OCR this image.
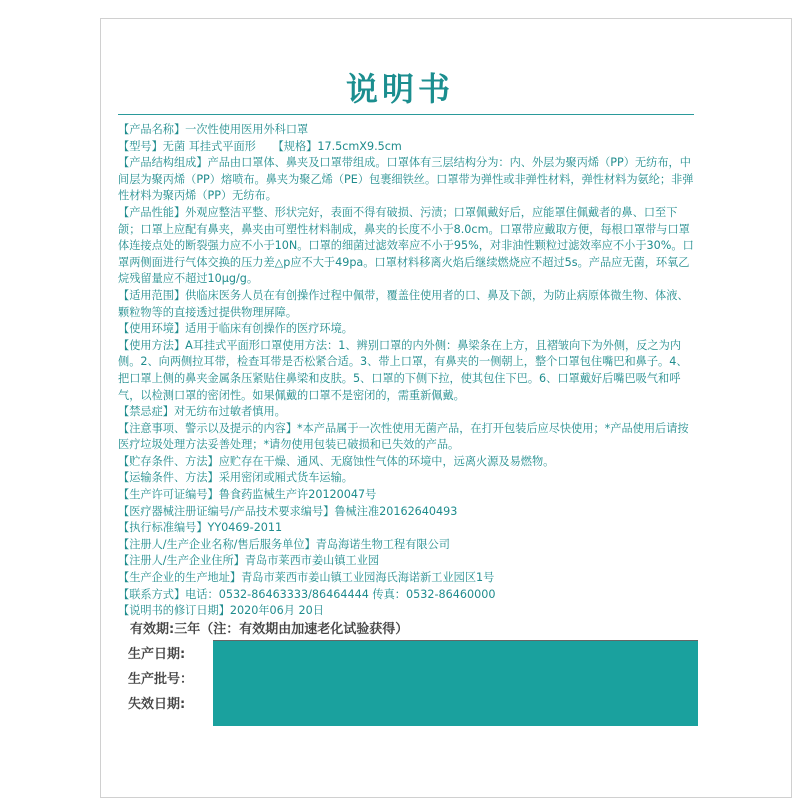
说明书

【产品名称】一次性使用医用外科口罩

【型号】无菌 耳挂式平面形　　【规格】17.5cmX9.5cm

【产品结构组成】产品由口罩体、鼻夹及口罩带组成。口罩体有三层结构分为：内、外层为聚丙烯（PP）无纺布，中间层为聚丙烯（PP）熔喷布。鼻夹为聚乙烯（PE）包裹细铁丝。口罩带为弹性或非弹性材料，弹性材料为氨纶；非弹性材料为聚丙烯（PP）无纺布。

【产品性能】外观应整洁平整、形状完好，表面不得有破损、污渍；口罩佩戴好后，应能罩住佩戴者的鼻、口至下颌；口罩上应配有鼻夹，鼻夹由可塑性材料制成，鼻夹的长度不小于8.0cm。口罩带应戴取方便，每根口罩带与口罩体连接点处的断裂强力应不小于10N。口罩的细菌过滤效率应不小于95%，对非油性颗粒过滤效率应不小于30%。口罩两侧面进行气体交换的压力差△p应不大于49pa。口罩材料移离火焰后继续燃烧应不超过5s。产品应无菌，环氧乙烷残留量应不超过10μg/g。

【适用范围】供临床医务人员在有创操作过程中佩带，覆盖住使用者的口、鼻及下颌，为防止病原体微生物、体液、颗粒物等的直接透过提供物理屏障。

【使用环境】适用于临床有创操作的医疗环境。

【使用方法】A耳挂式平面形口罩使用方法：1、辨别口罩的内外侧：鼻梁条在上方，且褶皱向下为外侧，反之为内侧。2、向两侧拉耳带，检查耳带是否松紧合适。3、带上口罩，有鼻夹的一侧朝上，整个口罩包住嘴巴和鼻子。4、把口罩上侧的鼻夹金属条压紧贴住鼻梁和皮肤。5、口罩的下侧下拉，使其包住下巴。6、口罩戴好后嘴巴吸气和呼气，以检测口罩的密闭性。如果佩戴的口罩不是密闭的，需重新佩戴。

【禁忌症】对无纺布过敏者慎用。

【注意事项、警示以及提示的内容】*本产品属于一次性使用无菌产品，在打开包装后应尽快使用；*产品使用后请按医疗垃圾处理方法妥善处理；*请勿使用包装已破损和已失效的产品。

【贮存条件、方法】应贮存在干燥、通风、无腐蚀性气体的环境中，远离火源及易燃物。

【运输条件、方法】采用密闭或厢式货车运输。

【生产许可证编号】鲁食药监械生产许20120047号

【医疗器械注册证编号/产品技术要求编号】鲁械注准20162640493

【执行标准编号】YY0469-2011

【注册人/生产企业名称/售后服务单位】青岛海诺生物工程有限公司

【注册人/生产企业住所】青岛市莱西市姜山镇工业园

【生产企业的生产地址】青岛市莱西市姜山镇工业园海氏海诺新工业园区1号

【联系方式】电话：0532-86463333/86464444 传真：0532-86460000

【说明书的修订日期】2020年06月 20日

有效期:三年（注：有效期由加速老化试验获得）
生产日期:
生产批号：
失效日期:
